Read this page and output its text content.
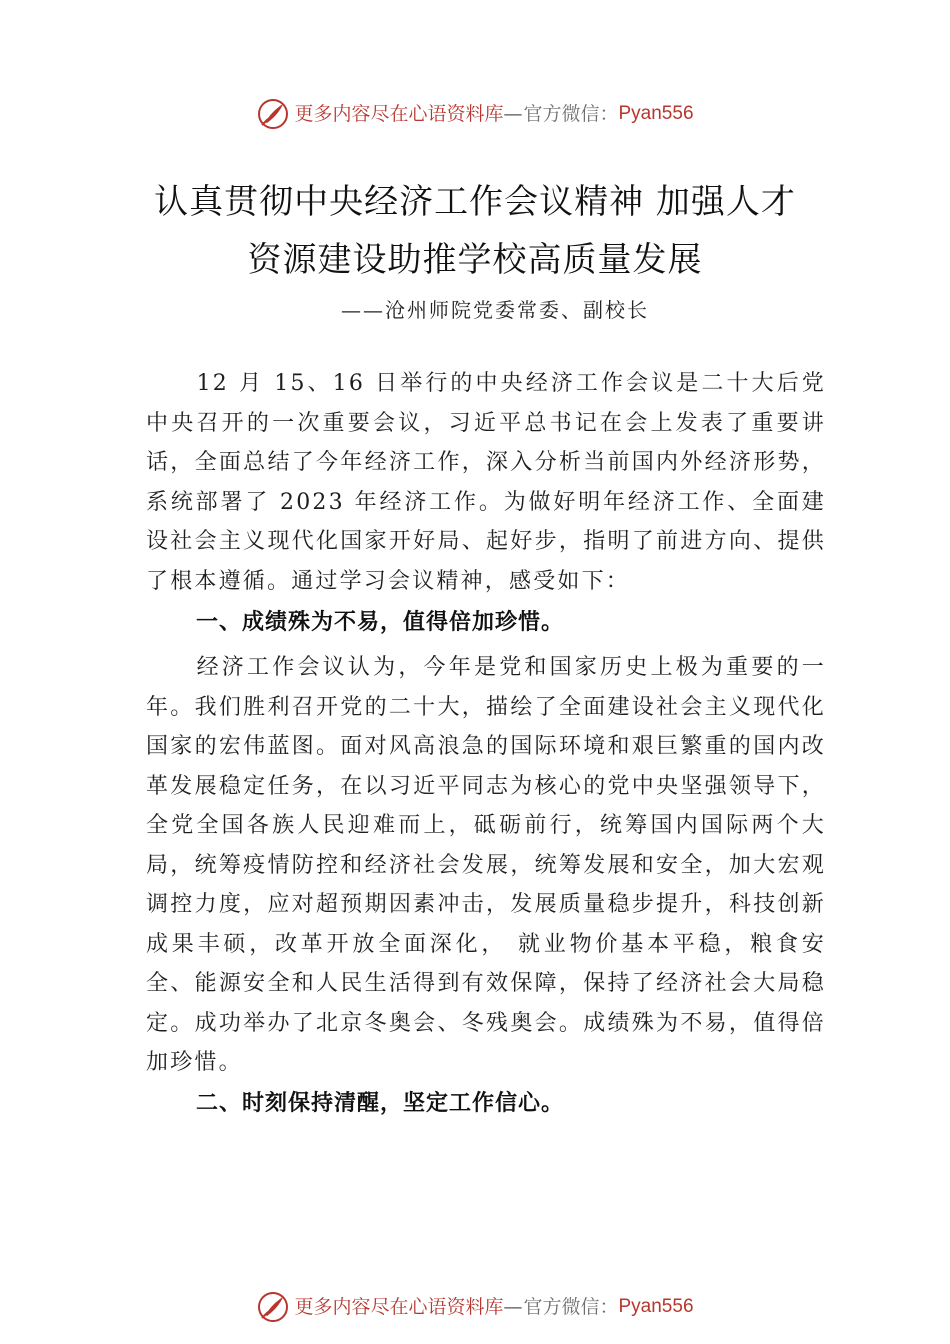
更多内容尽在心语资料库 — 官方微信： Pyan556
认真贯彻中央经济工作会议精神 加强人才
资源建设助推学校高质量发展
——沧州师院党委常委、副校长

12 月 15、16 日举行的中央经济工作会议是二十大后党中央召开的一次重要会议，习近平总书记在会上发表了重要讲话，全面总结了今年经济工作，深入分析当前国内外经济形势，系统部署了 2023 年经济工作。为做好明年经济工作、全面建设社会主义现代化国家开好局、起好步，指明了前进方向、提供了根本遵循。通过学习会议精神，感受如下：

一、成绩殊为不易，值得倍加珍惜。

经济工作会议认为，今年是党和国家历史上极为重要的一年。我们胜利召开党的二十大，描绘了全面建设社会主义现代化国家的宏伟蓝图。面对风高浪急的国际环境和艰巨繁重的国内改革发展稳定任务，在以习近平同志为核心的党中央坚强领导下，全党全国各族人民迎难而上，砥砺前行，统筹国内国际两个大局，统筹疫情防控和经济社会发展，统筹发展和安全，加大宏观调控力度，应对超预期因素冲击，发展质量稳步提升，科技创新成果丰硕，改革开放全面深化， 就业物价基本平稳，粮食安全、能源安全和人民生活得到有效保障，保持了经济社会大局稳定。成功举办了北京冬奥会、冬残奥会。成绩殊为不易，值得倍加珍惜。

二、时刻保持清醒，坚定工作信心。
更多内容尽在心语资料库 — 官方微信： Pyan556
